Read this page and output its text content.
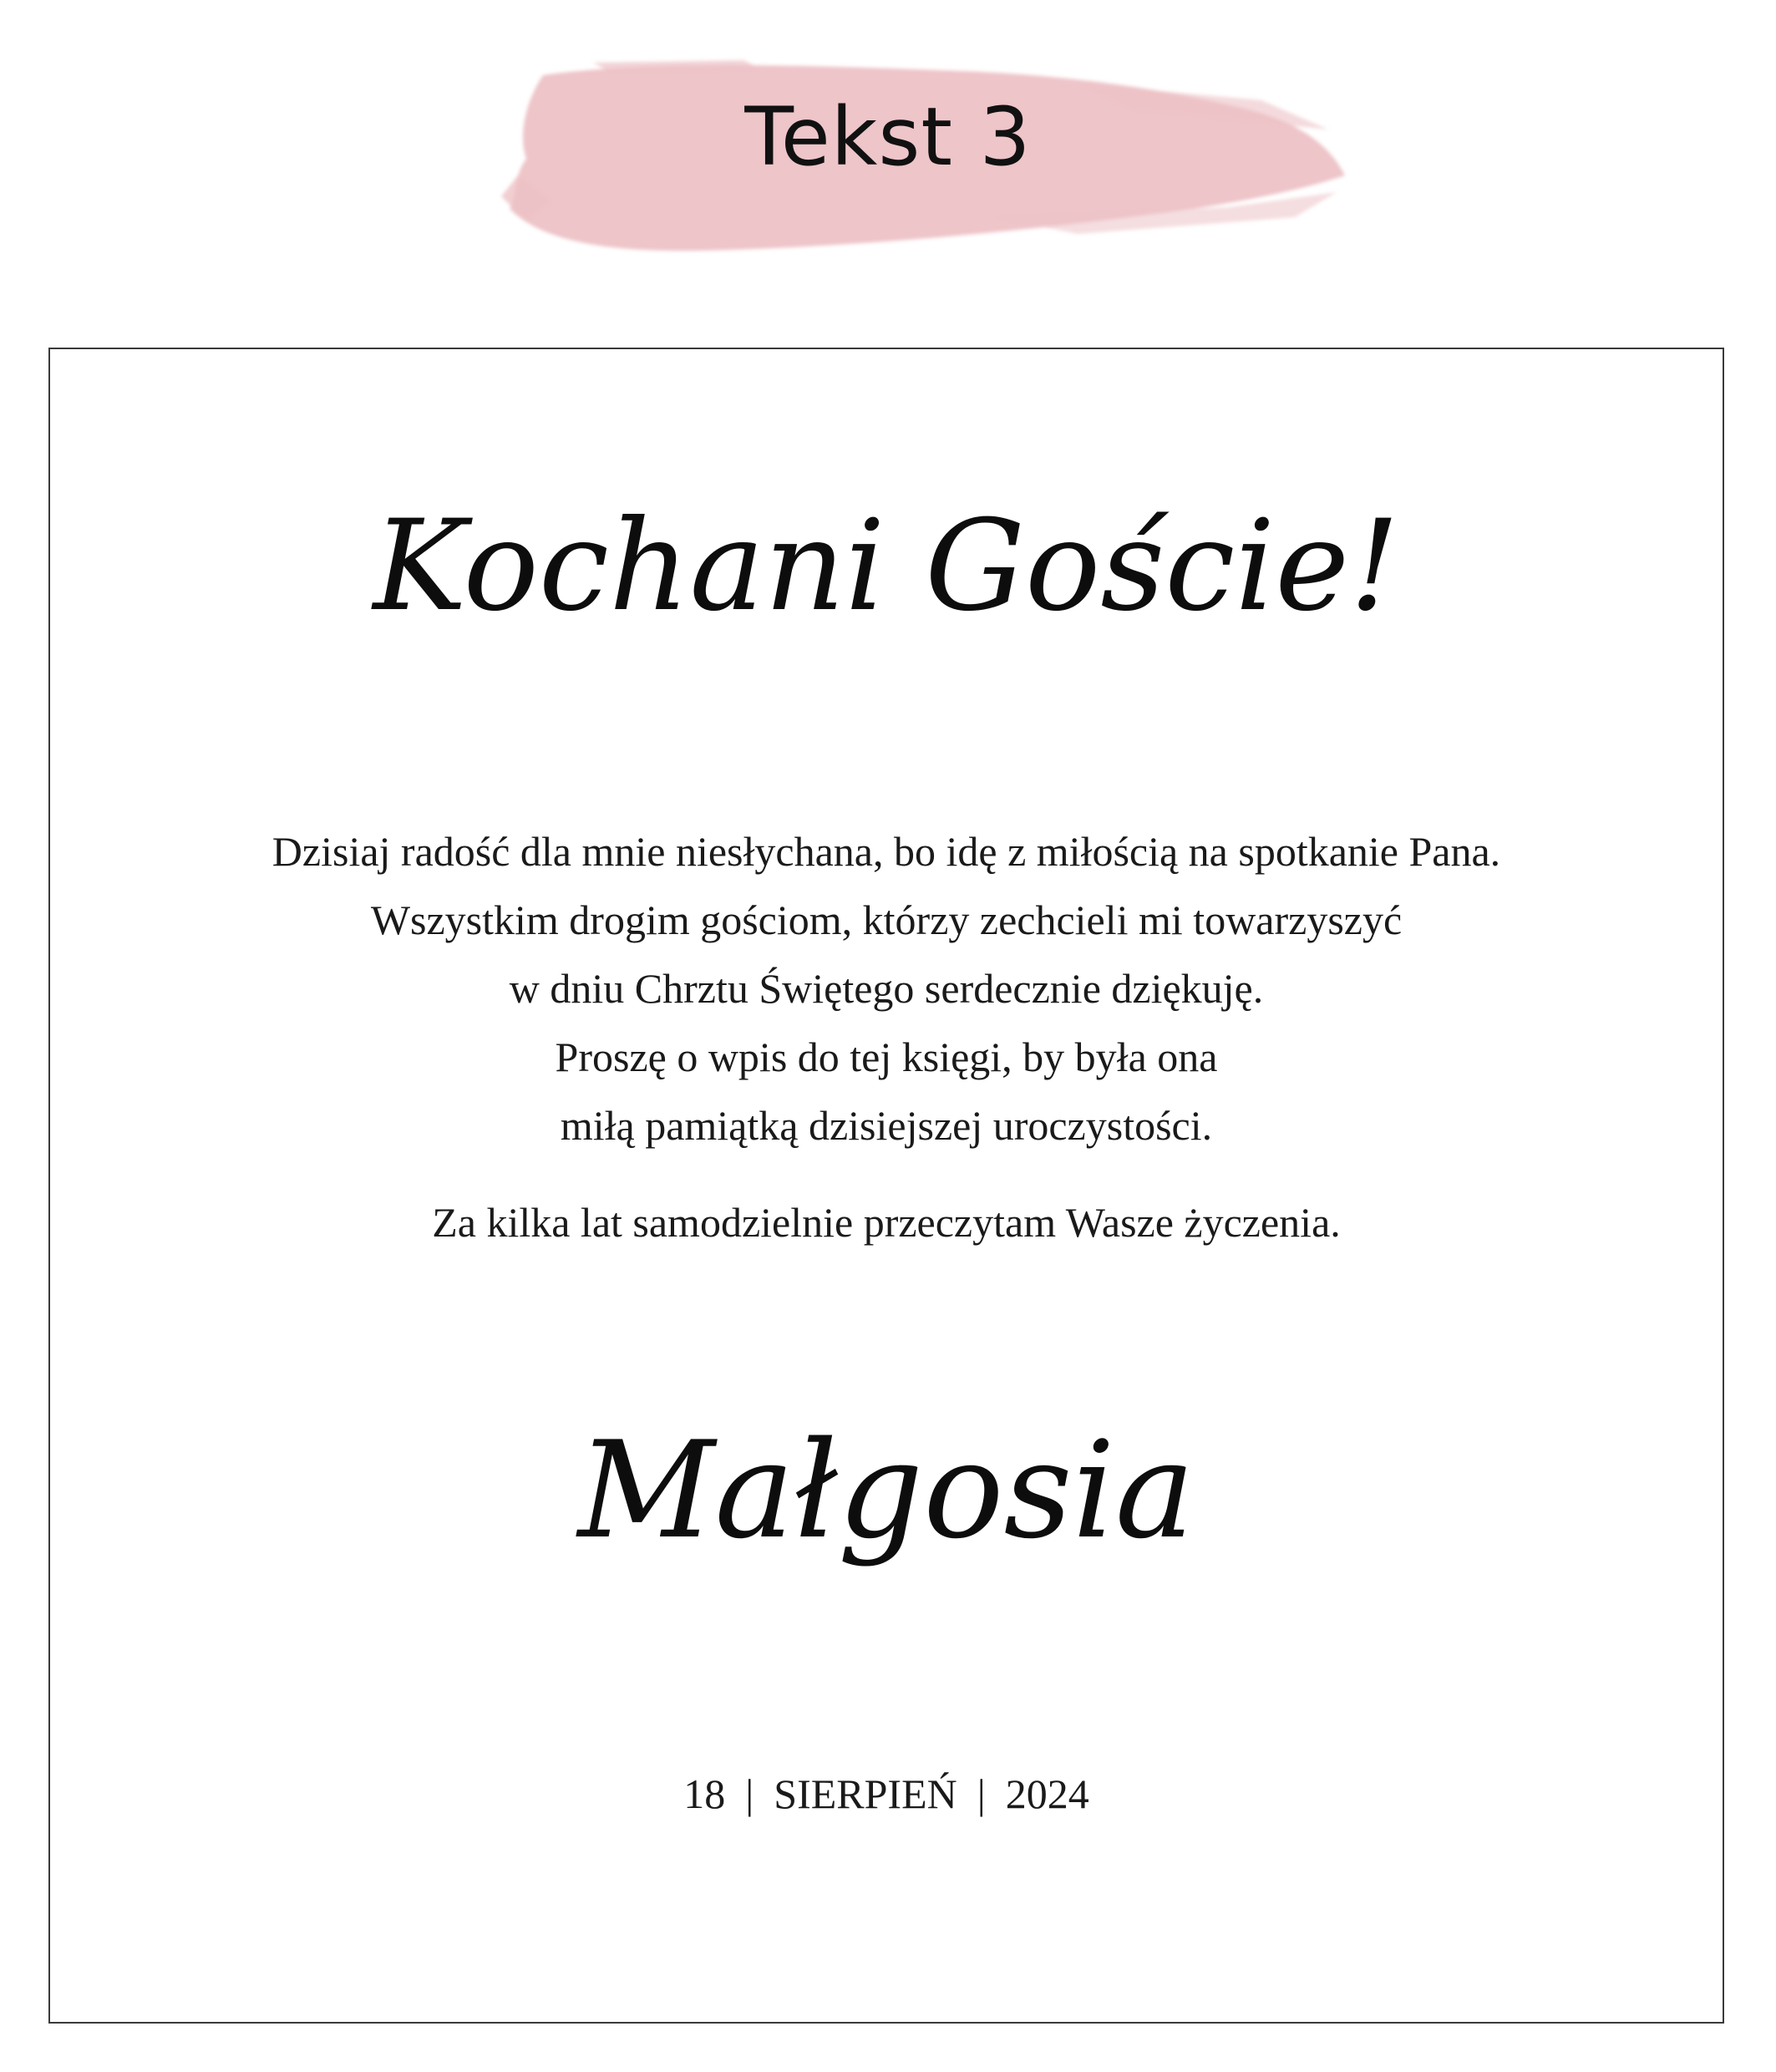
Tekst 3
Kochani Goście!
Dzisiaj radość dla mnie niesłychana, bo idę z miłością na spotkanie Pana.
Wszystkim drogim gościom, którzy zechcieli mi towarzyszyć
w dniu Chrztu Świętego serdecznie dziękuję.
Proszę o wpis do tej księgi, by była ona
miłą pamiątką dzisiejszej uroczystości.
Za kilka lat samodzielnie przeczytam Wasze życzenia.
Małgosia
18 | SIERPIEŃ | 2024
